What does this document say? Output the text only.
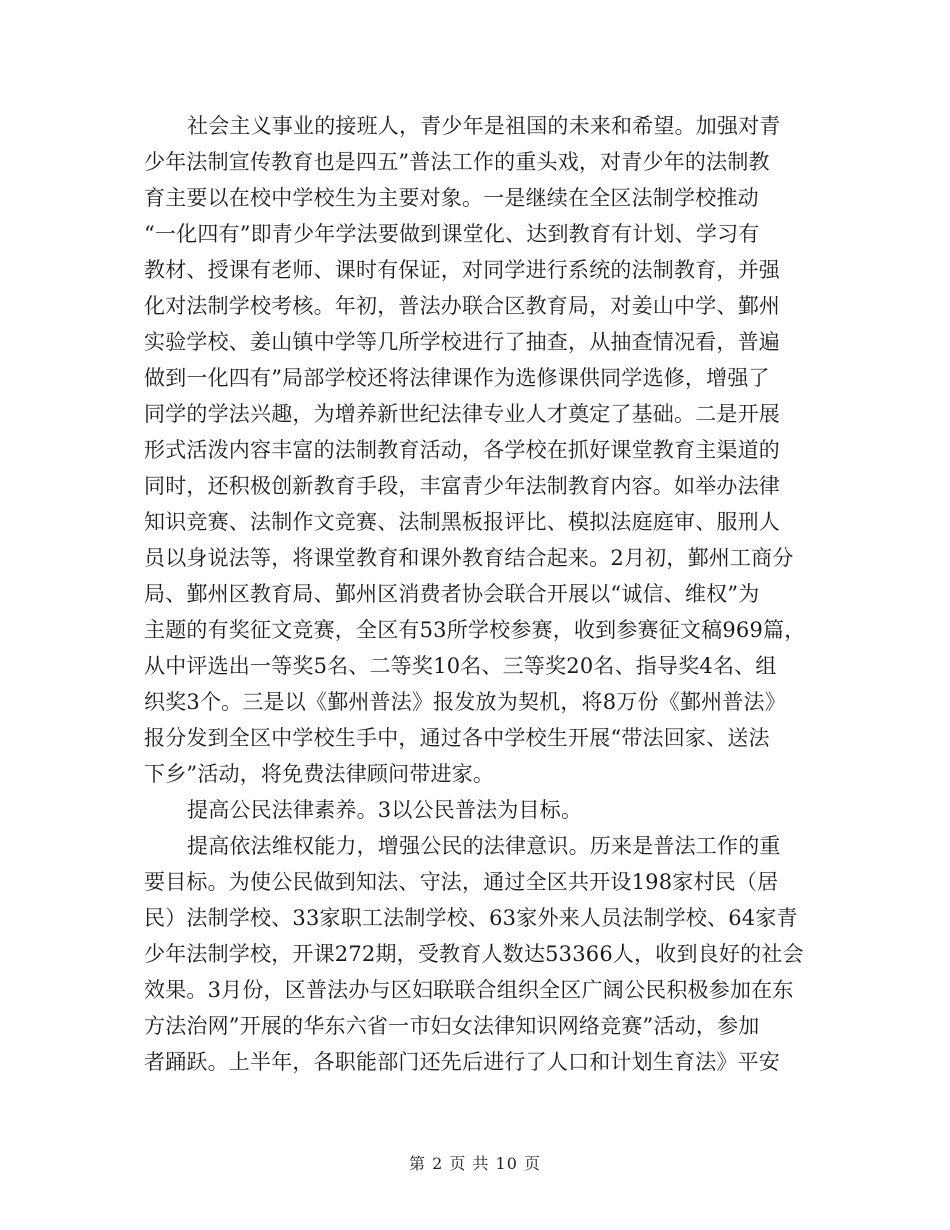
社会主义事业的接班人，青少年是祖国的未来和希望。加强对青
少年法制宣传教育也是四五”普法工作的重头戏，对青少年的法制教
育主要以在校中学校生为主要对象。一是继续在全区法制学校推动
“一化四有”即青少年学法要做到课堂化、达到教育有计划、学习有
教材、授课有老师、课时有保证，对同学进行系统的法制教育，并强
化对法制学校考核。年初，普法办联合区教育局，对姜山中学、鄞州
实验学校、姜山镇中学等几所学校进行了抽查，从抽查情况看，普遍
做到一化四有”局部学校还将法律课作为选修课供同学选修，增强了
同学的学法兴趣，为增养新世纪法律专业人才奠定了基础。二是开展
形式活泼内容丰富的法制教育活动，各学校在抓好课堂教育主渠道的
同时，还积极创新教育手段，丰富青少年法制教育内容。如举办法律
知识竞赛、法制作文竞赛、法制黑板报评比、模拟法庭庭审、服刑人
员以身说法等，将课堂教育和课外教育结合起来。2月初，鄞州工商分
局、鄞州区教育局、鄞州区消费者协会联合开展以“诚信、维权”为
主题的有奖征文竞赛，全区有53所学校参赛，收到参赛征文稿969篇，
从中评选出一等奖5名、二等奖10名、三等奖20名、指导奖4名、组
织奖3个。三是以《鄞州普法》报发放为契机，将8万份《鄞州普法》
报分发到全区中学校生手中，通过各中学校生开展“带法回家、送法
下乡”活动，将免费法律顾问带进家。
提高公民法律素养。3以公民普法为目标。
提高依法维权能力，增强公民的法律意识。历来是普法工作的重
要目标。为使公民做到知法、守法，通过全区共开设198家村民（居
民）法制学校、33家职工法制学校、63家外来人员法制学校、64家青
少年法制学校，开课272期，受教育人数达53366人，收到良好的社会
效果。3月份，区普法办与区妇联联合组织全区广阔公民积极参加在东
方法治网”开展的华东六省一市妇女法律知识网络竞赛”活动，参加
者踊跃。上半年，各职能部门还先后进行了人口和计划生育法》平安
第 2 页 共 10 页
